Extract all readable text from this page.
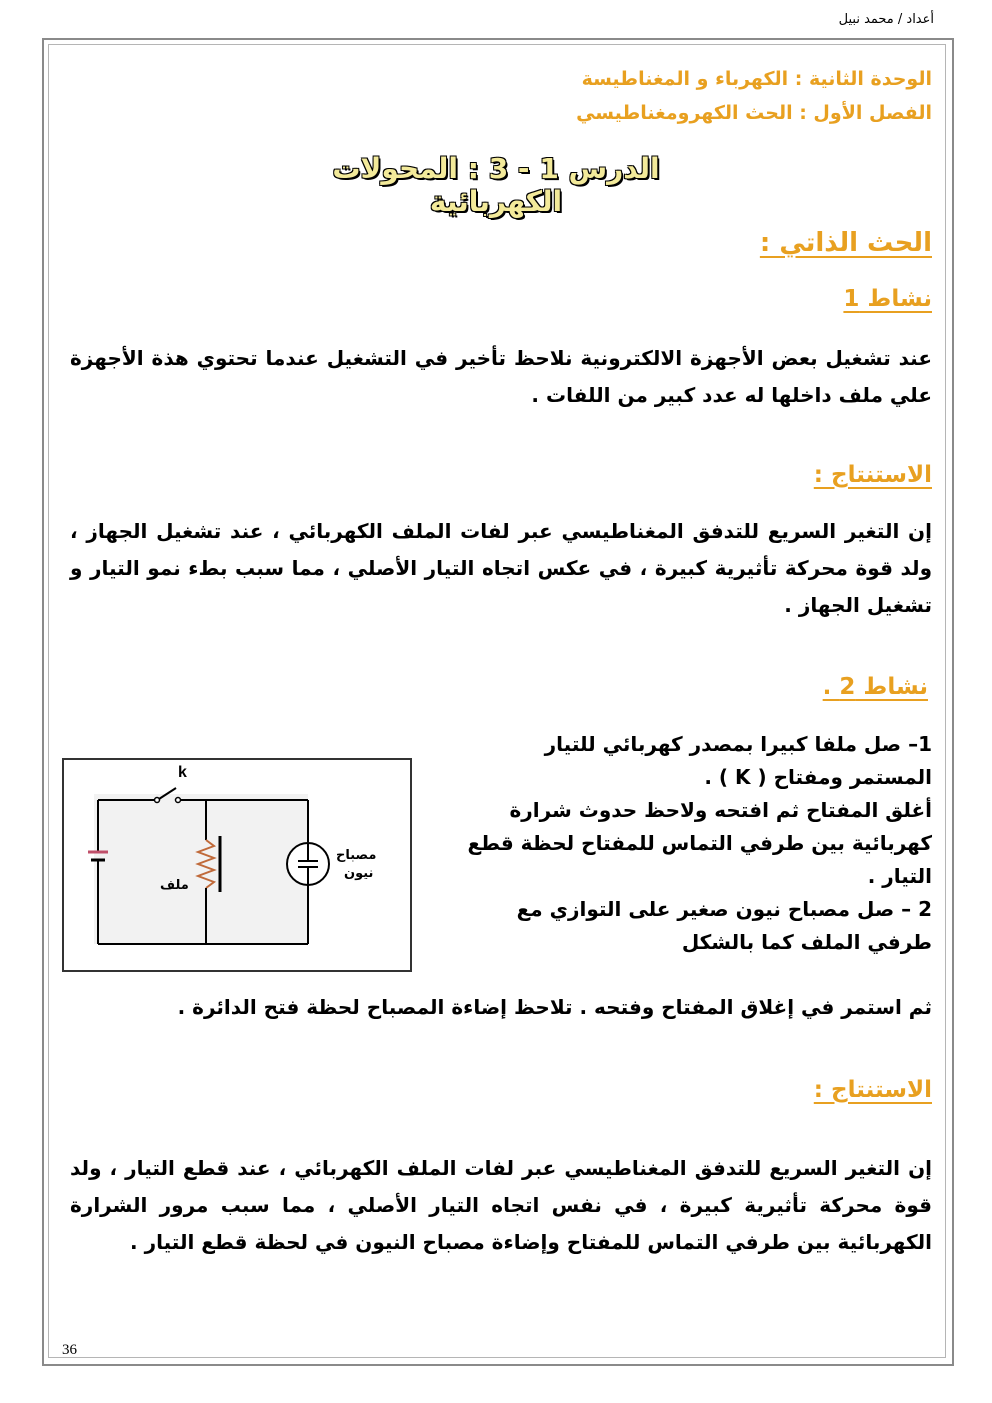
أعداد / محمد نبيل
الوحدة الثانية : الكهرباء و المغناطيسة
الفصل الأول : الحث الكهرومغناطيسي
الدرس 1 - 3 : المحولات الكهربائية
الحث الذاتي :
نشاط 1
عند تشغيل بعض الأجهزة الالكترونية نلاحظ تأخير في التشغيل عندما تحتوي هذة الأجهزة علي ملف داخلها له عدد كبير من اللفات .
الاستنتاج :
إن التغير السريع للتدفق المغناطيسي عبر لفات الملف الكهربائي ، عند تشغيل الجهاز ، ولد قوة محركة تأثيرية كبيرة ، في عكس اتجاه التيار الأصلي ، مما سبب بطء نمو التيار و تشغيل الجهاز .
نشاط 2 .
1– صل ملفا كبيرا بمصدر كهربائي للتيار
المستمر ومفتاح ( K ) .
أغلق المفتاح ثم افتحه ولاحظ حدوث شرارة
كهربائية بين طرفي التماس للمفتاح لحظة قطع
التيار .
2 – صل مصباح نيون صغير على التوازي مع
طرفي الملف كما بالشكل
ثم استمر في إغلاق المفتاح وفتحه . تلاحظ إضاءة المصباح لحظة فتح الدائرة .
k
ملف
مصباح
نيون
الاستنتاج :
إن التغير السريع للتدفق المغناطيسي عبر لفات الملف الكهربائي ، عند قطع التيار ، ولد قوة محركة تأثيرية كبيرة ، في نفس اتجاه التيار الأصلي ، مما سبب مرور الشرارة الكهربائية بين طرفي التماس للمفتاح وإضاءة مصباح النيون في لحظة قطع التيار .
36
